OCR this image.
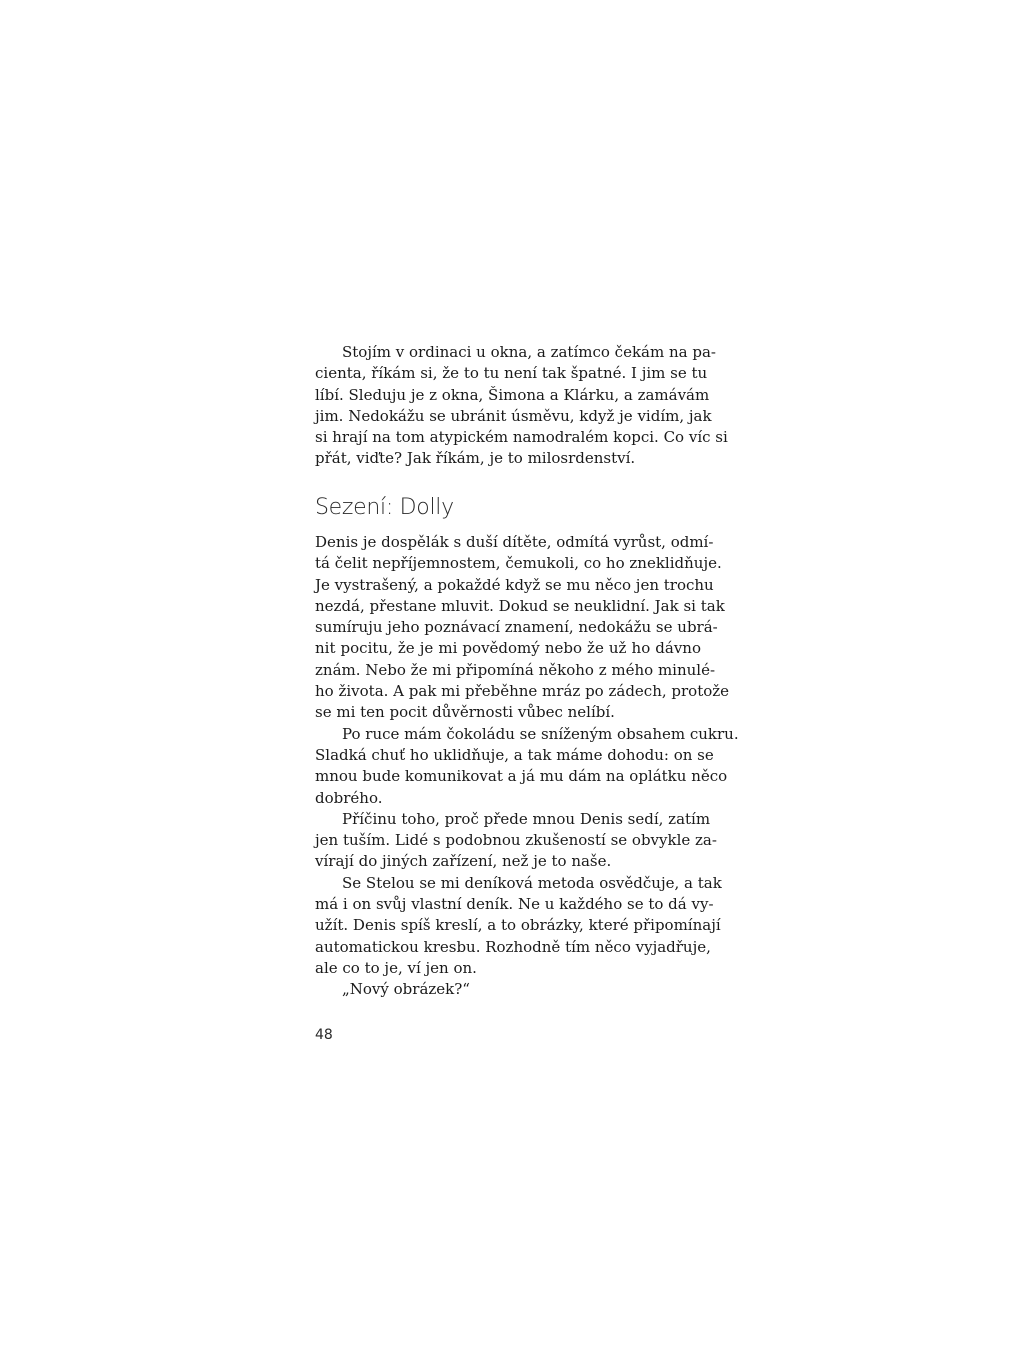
Stojím v ordinaci u okna, a zatímco čekám na pa-
cienta, říkám si, že to tu není tak špatné. I jim se tu
líbí. Sleduju je z okna, Šimona a Klárku, a zamávám
jim. Nedokážu se ubránit úsměvu, když je vidím, jak
si hrají na tom atypickém namodralém kopci. Co víc si
přát, viďte? Jak říkám, je to milosrdenství.
Sezení: Dolly
Denis je dospělák s duší dítěte, odmítá vyrůst, odmí-
tá čelit nepříjemnostem, čemukoli, co ho zneklidňuje.
Je vystrašený, a pokaždé když se mu něco jen trochu
nezdá, přestane mluvit. Dokud se neuklidní. Jak si tak
sumíruju jeho poznávací znamení, nedokážu se ubrá-
nit pocitu, že je mi povědomý nebo že už ho dávno
znám. Nebo že mi připomíná někoho z mého minulé-
ho života. A pak mi přeběhne mráz po zádech, protože
se mi ten pocit důvěrnosti vůbec nelíbí.
Po ruce mám čokoládu se sníženým obsahem cukru.
Sladká chuť ho uklidňuje, a tak máme dohodu: on se
mnou bude komunikovat a já mu dám na oplátku něco
dobrého.
Příčinu toho, proč přede mnou Denis sedí, zatím
jen tuším. Lidé s podobnou zkušeností se obvykle za-
vírají do jiných zařízení, než je to naše.
Se Stelou se mi deníková metoda osvědčuje, a tak
má i on svůj vlastní deník. Ne u každého se to dá vy-
užít. Denis spíš kreslí, a to obrázky, které připomínají
automatickou kresbu. Rozhodně tím něco vyjadřuje,
ale co to je, ví jen on.
„Nový obrázek?“
48
